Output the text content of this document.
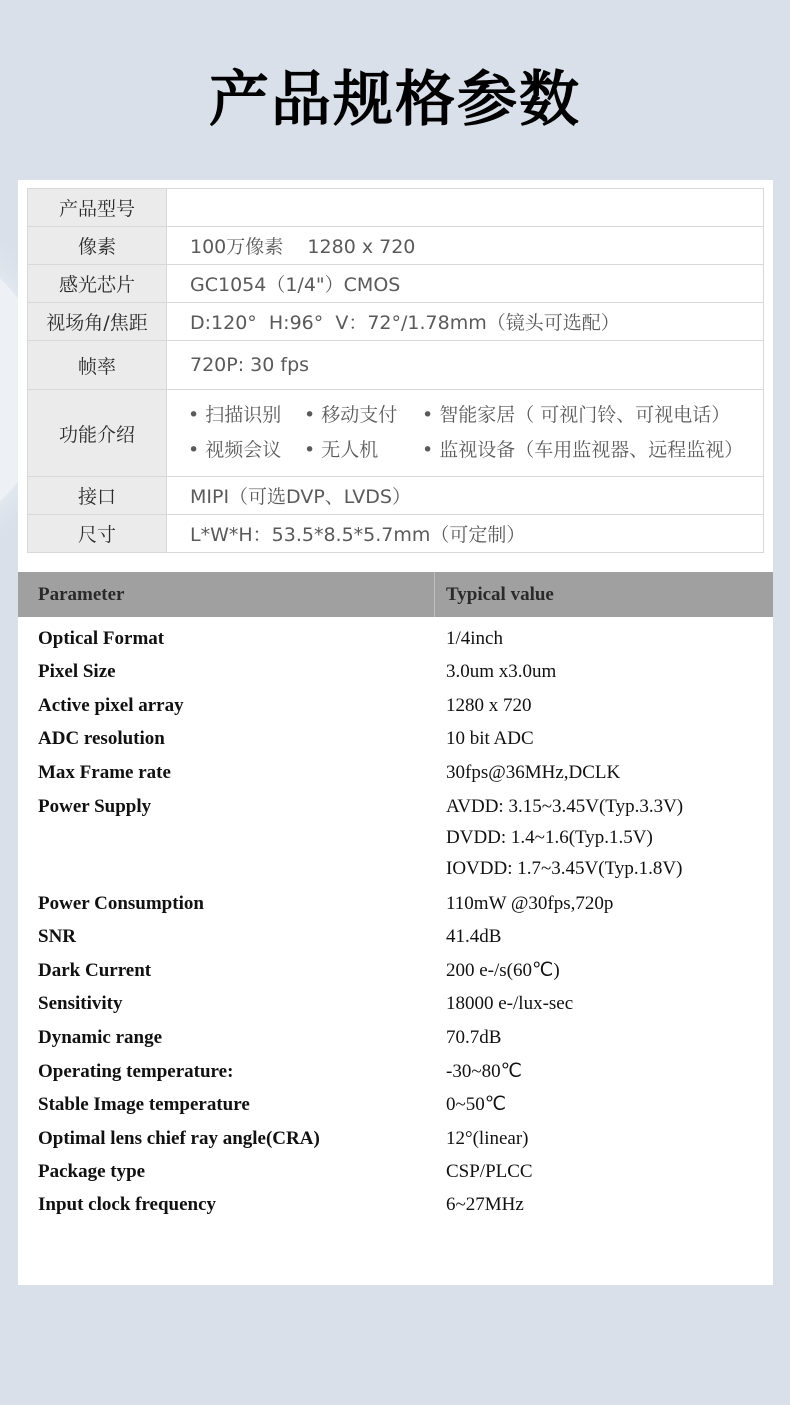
产品规格参数
产品型号	
像素	100万像素    1280 x 720
感光芯片	GC1054（1/4"）CMOS
视场角/焦距	D:120°  H:96°  V：72°/1.78mm（镜头可选配）
帧率	720P: 30 fps
功能介绍	• 扫描识别 • 移动支付 • 智能家居（ 可视门铃、可视电话）
• 视频会议 • 无人机 • 监视设备（车用监视器、远程监视）

接口	MIPI（可选DVP、LVDS）
尺寸	L*W*H：53.5*8.5*5.7mm（可定制）
Parameter	Typical value
Optical Format	1/4inch
Pixel Size	3.0um x3.0um
Active pixel array	1280 x 720
ADC resolution	10 bit ADC
Max Frame rate	30fps@36MHz,DCLK
Power Supply	AVDD: 3.15~3.45V(Typ.3.3V)
DVDD: 1.4~1.6(Typ.1.5V)
IOVDD: 1.7~3.45V(Typ.1.8V)
Power Consumption	110mW @30fps,720p
SNR	41.4dB
Dark Current	200 e-/s(60℃)
Sensitivity	18000 e-/lux-sec
Dynamic range	70.7dB
Operating temperature:	-30~80℃
Stable Image temperature	0~50℃
Optimal lens chief ray angle(CRA)	12°(linear)
Package type	CSP/PLCC
Input clock frequency	6~27MHz
